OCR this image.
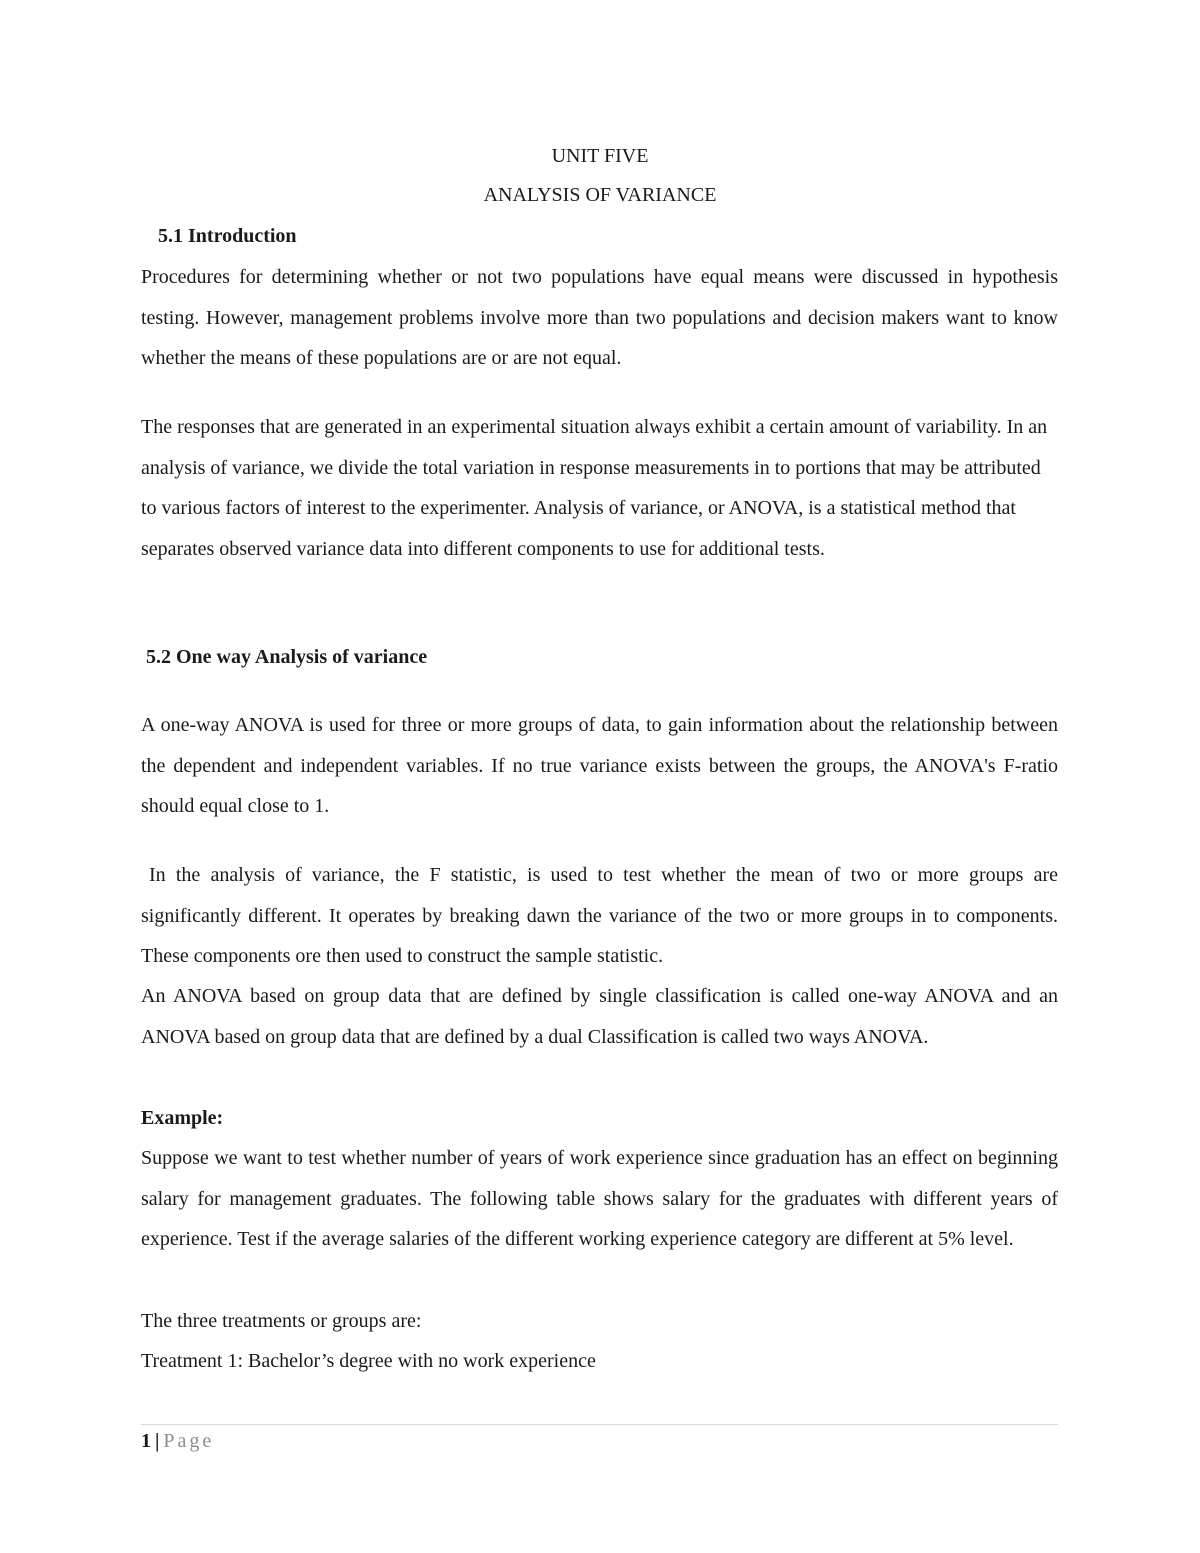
UNIT FIVE
ANALYSIS OF VARIANCE
5.1 Introduction

Procedures for determining whether or not two populations have equal means were discussed in hypothesis testing. However, management problems involve more than two populations and decision makers want to know whether the means of these populations are or are not equal.

The responses that are generated in an experimental situation always exhibit a certain amount of variability. In an analysis of variance, we divide the total variation in response measurements in to portions that may be attributed to various factors of interest to the experimenter. Analysis of variance, or ANOVA, is a statistical method that separates observed variance data into different components to use for additional tests.

5.2 One way Analysis of variance

A one-way ANOVA is used for three or more groups of data, to gain information about the relationship between the dependent and independent variables. If no true variance exists between the groups, the ANOVA's F-ratio should equal close to 1.

In the analysis of variance, the F statistic, is used to test whether the mean of two or more groups are significantly different. It operates by breaking dawn the variance of the two or more groups in to components. These components ore then used to construct the sample statistic.

An ANOVA based on group data that are defined by single classification is called one-way ANOVA and an ANOVA based on group data that are defined by a dual Classification is called two ways ANOVA.

Example:

Suppose we want to test whether number of years of work experience since graduation has an effect on beginning salary for management graduates. The following table shows salary for the graduates with different years of experience. Test if the average salaries of the different working experience category are different at 5% level.

The three treatments or groups are:

Treatment 1: Bachelor’s degree with no work experience

1 | Page
